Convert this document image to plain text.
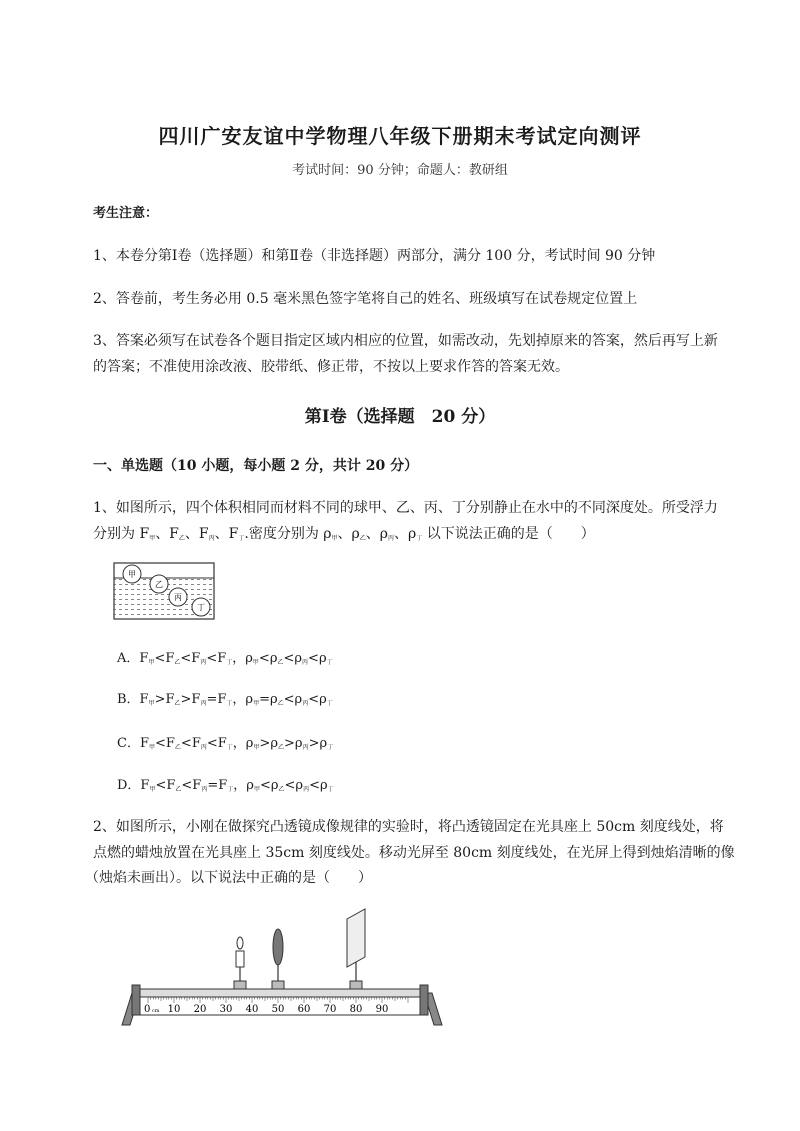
四川广安友谊中学物理八年级下册期末考试定向测评
考试时间：90 分钟；命题人：教研组
考生注意：
1、本卷分第Ⅰ卷（选择题）和第Ⅱ卷（非选择题）两部分，满分 100 分，考试时间 90 分钟
2、答卷前，考生务必用 0.5 毫米黑色签字笔将自己的姓名、班级填写在试卷规定位置上
3、答案必须写在试卷各个题目指定区域内相应的位置，如需改动，先划掉原来的答案，然后再写上新
的答案；不准使用涂改液、胶带纸、修正带，不按以上要求作答的答案无效。
第Ⅰ卷（选择题　20 分）
一、单选题（10 小题，每小题 2 分，共计 20 分）
1、如图所示，四个体积相同而材料不同的球甲、乙、丙、丁分别静止在水中的不同深度处。所受浮力
分别为 $F_甲$、$F_乙$、$F_丙$、$F_丁$.密度分别为 $\rho_甲$、$\rho_乙$、$\rho_丙$、$\rho_丁$ 以下说法正确的是（　　）
甲
乙
丙
丁
A．$F_甲<F_乙<F_丙<F_丁$，$\rho_甲<\rho_乙<\rho_丙<\rho_丁$
B．$F_甲>F_乙>F_丙=F_丁$，$\rho_甲=\rho_乙<\rho_丙<\rho_丁$
C．$F_甲<F_乙<F_丙<F_丁$，$\rho_甲>\rho_乙>\rho_丙>\rho_丁$
D．$F_甲<F_乙<F_丙=F_丁$，$\rho_甲<\rho_乙<\rho_丙<\rho_丁$
2、如图所示，小刚在做探究凸透镜成像规律的实验时，将凸透镜固定在光具座上 50cm 刻度线处，将
点燃的蜡烛放置在光具座上 35cm 刻度线处。移动光屏至 80cm 刻度线处，在光屏上得到烛焰清晰的像
（烛焰未画出）。以下说法中正确的是（　　）
0 cm 10 20 30 40 50 60 70 80 90
